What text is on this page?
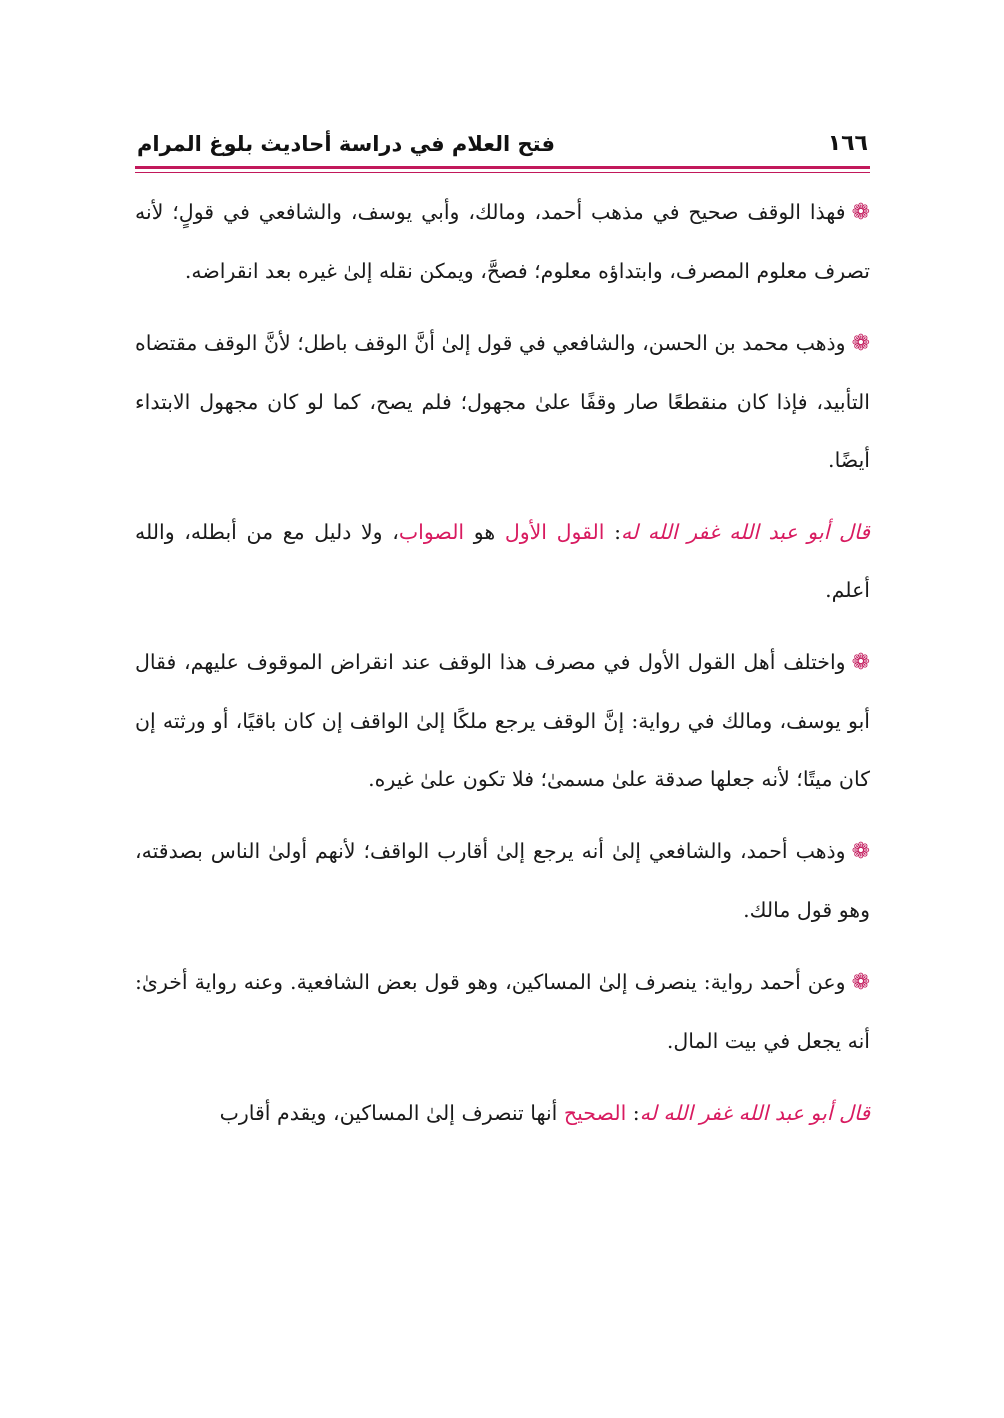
١٦٦
فتح العلام في دراسة أحاديث بلوغ المرام

❁فهذا الوقف صحيح في مذهب أحمد، ومالك، وأبي يوسف، والشافعي في قولٍ؛ لأنه تصرف معلوم المصرف، وابتداؤه معلوم؛ فصحَّ، ويمكن نقله إلىٰ غيره بعد انقراضه.

❁وذهب محمد بن الحسن، والشافعي في قول إلىٰ أنَّ الوقف باطل؛ لأنَّ الوقف مقتضاه التأبيد، فإذا كان منقطعًا صار وقفًا علىٰ مجهول؛ فلم يصح، كما لو كان مجهول الابتداء أيضًا.

قال أبو عبد الله غفر الله له: القول الأول هو الصواب، ولا دليل مع من أبطله، والله أعلم.

❁واختلف أهل القول الأول في مصرف هذا الوقف عند انقراض الموقوف عليهم، فقال أبو يوسف، ومالك في رواية: إنَّ الوقف يرجع ملكًا إلىٰ الواقف إن كان باقيًا، أو ورثته إن كان ميتًا؛ لأنه جعلها صدقة علىٰ مسمىٰ؛ فلا تكون علىٰ غيره.

❁وذهب أحمد، والشافعي إلىٰ أنه يرجع إلىٰ أقارب الواقف؛ لأنهم أولىٰ الناس بصدقته، وهو قول مالك.

❁وعن أحمد رواية: ينصرف إلىٰ المساكين، وهو قول بعض الشافعية. وعنه رواية أخرىٰ: أنه يجعل في بيت المال.

قال أبو عبد الله غفر الله له: الصحيح أنها تنصرف إلىٰ المساكين، ويقدم أقارب
